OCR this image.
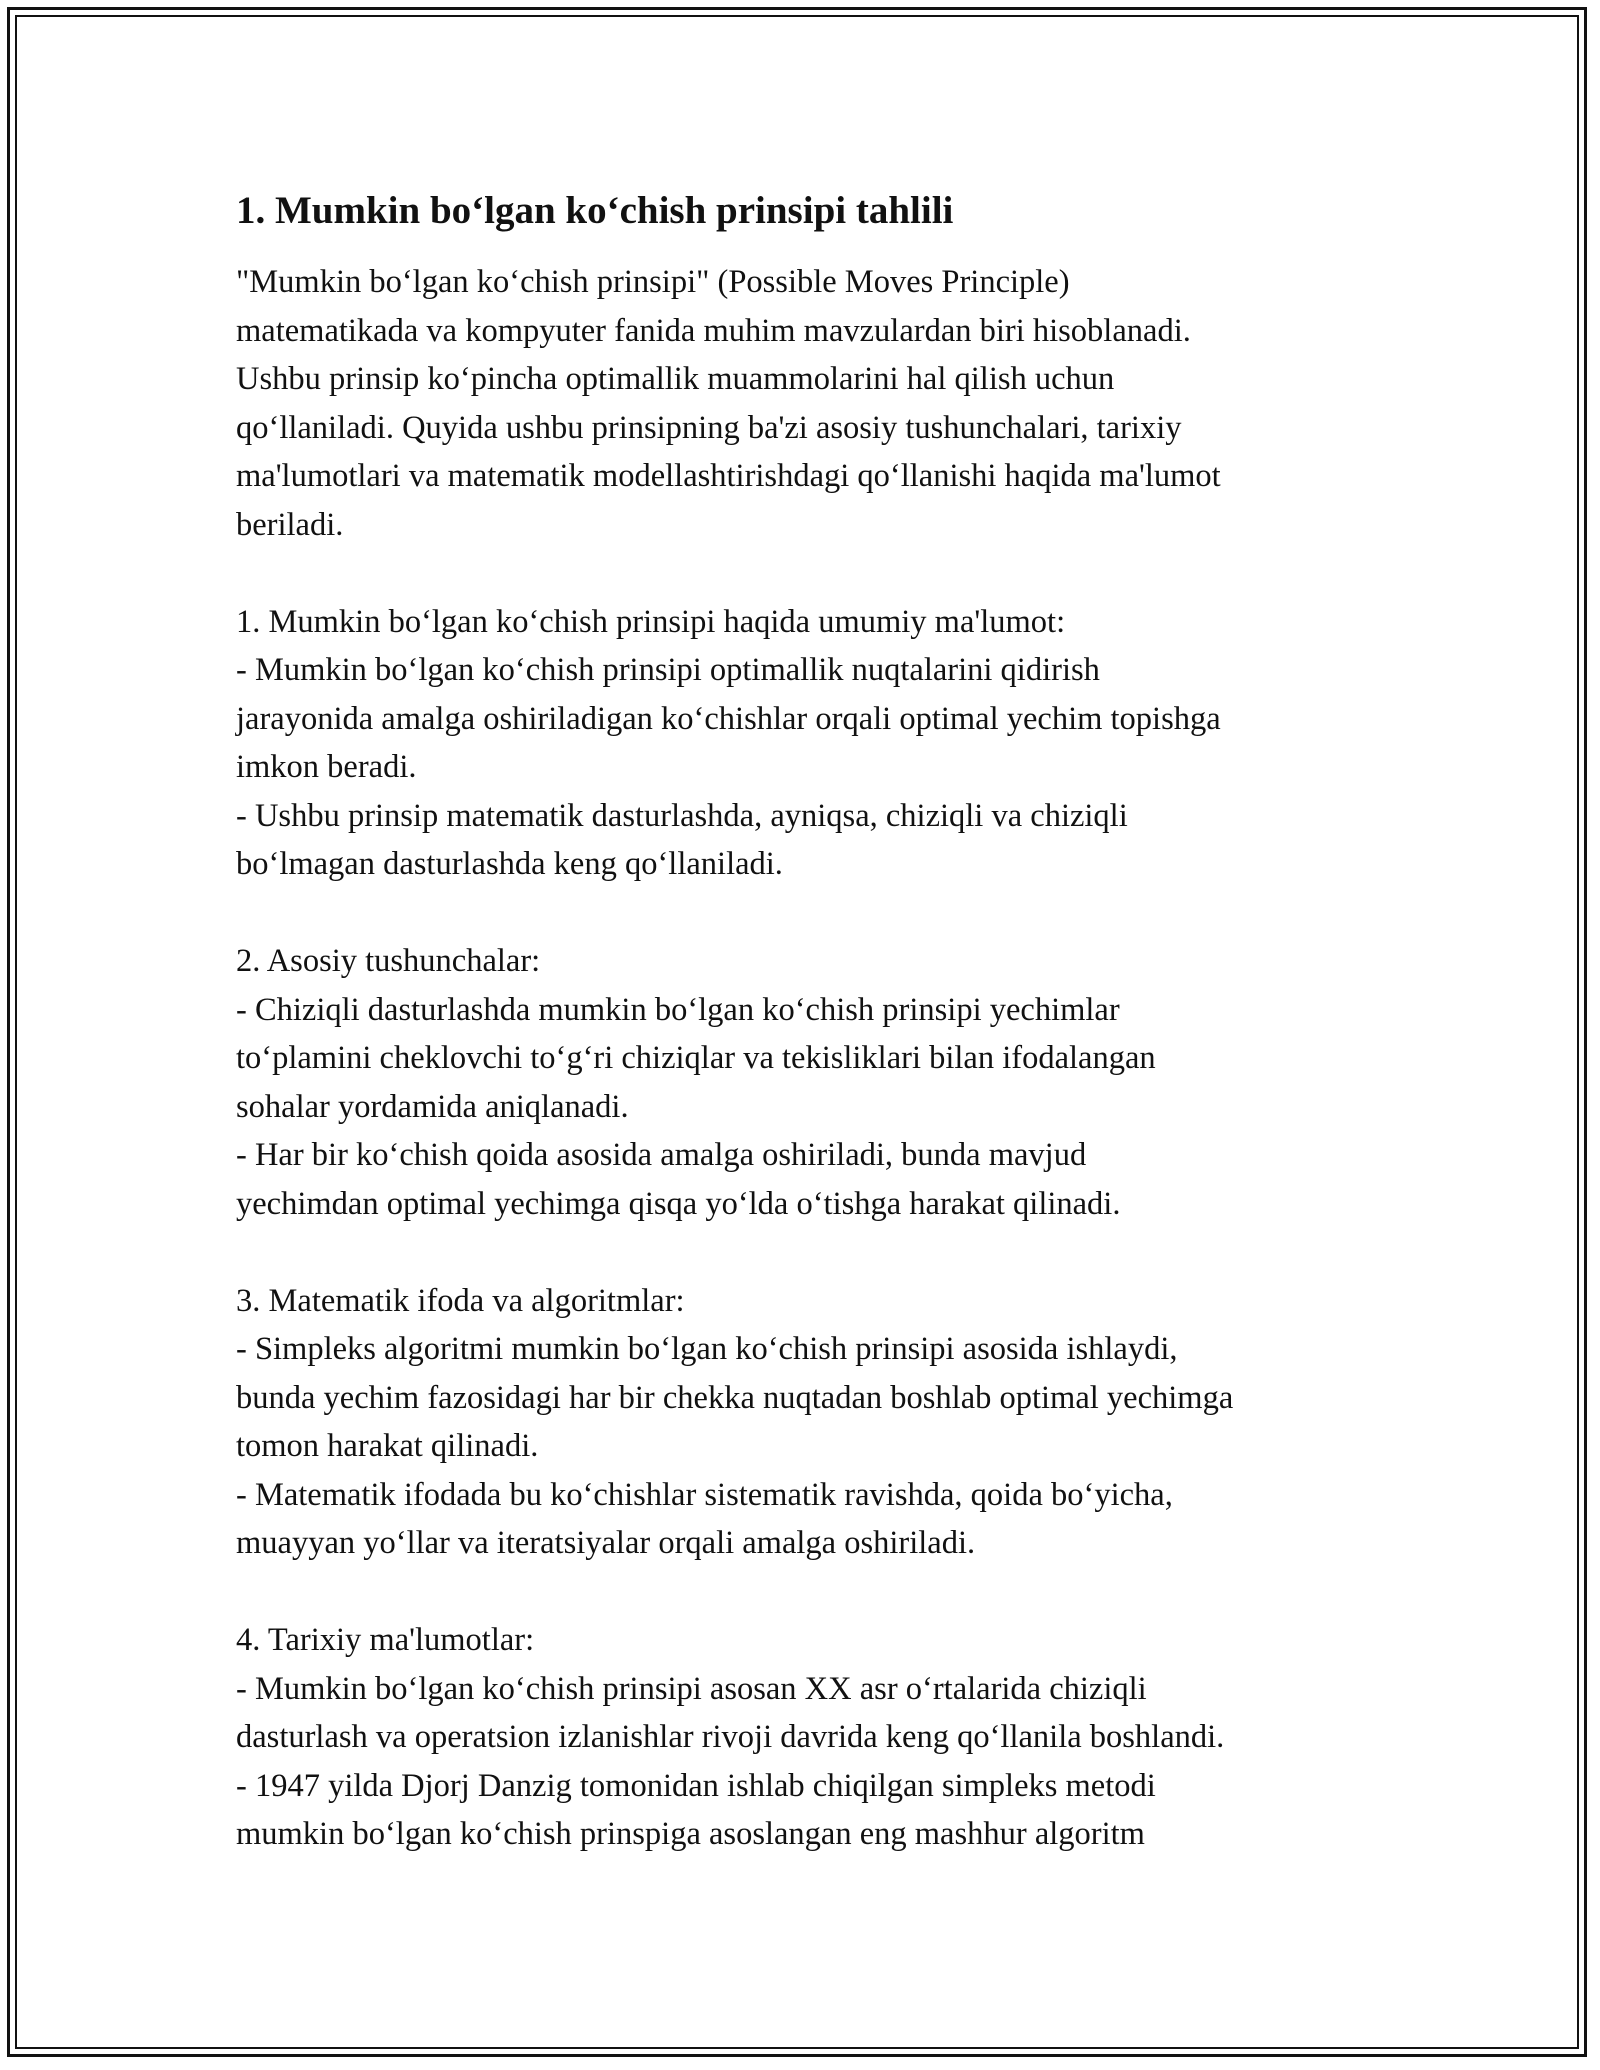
1. Mumkin bo‘lgan ko‘chish prinsipi tahlili

"Mumkin bo‘lgan ko‘chish prinsipi" (Possible Moves Principle)
matematikada va kompyuter fanida muhim mavzulardan biri hisoblanadi.
Ushbu prinsip ko‘pincha optimallik muammolarini hal qilish uchun
qo‘llaniladi. Quyida ushbu prinsipning ba'zi asosiy tushunchalari, tarixiy
ma'lumotlari va matematik modellashtirishdagi qo‘llanishi haqida ma'lumot
beriladi.

1. Mumkin bo‘lgan ko‘chish prinsipi haqida umumiy ma'lumot:

- Mumkin bo‘lgan ko‘chish prinsipi optimallik nuqtalarini qidirish
jarayonida amalga oshiriladigan ko‘chishlar orqali optimal yechim topishga
imkon beradi.

- Ushbu prinsip matematik dasturlashda, ayniqsa, chiziqli va chiziqli
bo‘lmagan dasturlashda keng qo‘llaniladi.

2. Asosiy tushunchalar:

- Chiziqli dasturlashda mumkin bo‘lgan ko‘chish prinsipi yechimlar
to‘plamini cheklovchi to‘g‘ri chiziqlar va tekisliklari bilan ifodalangan
sohalar yordamida aniqlanadi.

- Har bir ko‘chish qoida asosida amalga oshiriladi, bunda mavjud
yechimdan optimal yechimga qisqa yo‘lda o‘tishga harakat qilinadi.

3. Matematik ifoda va algoritmlar:

- Simpleks algoritmi mumkin bo‘lgan ko‘chish prinsipi asosida ishlaydi,
bunda yechim fazosidagi har bir chekka nuqtadan boshlab optimal yechimga
tomon harakat qilinadi.

- Matematik ifodada bu ko‘chishlar sistematik ravishda, qoida bo‘yicha,
muayyan yo‘llar va iteratsiyalar orqali amalga oshiriladi.

4. Tarixiy ma'lumotlar:

- Mumkin bo‘lgan ko‘chish prinsipi asosan XX asr o‘rtalarida chiziqli
dasturlash va operatsion izlanishlar rivoji davrida keng qo‘llanila boshlandi.

- 1947 yilda Djorj Danzig tomonidan ishlab chiqilgan simpleks metodi
mumkin bo‘lgan ko‘chish prinspiga asoslangan eng mashhur algoritm
